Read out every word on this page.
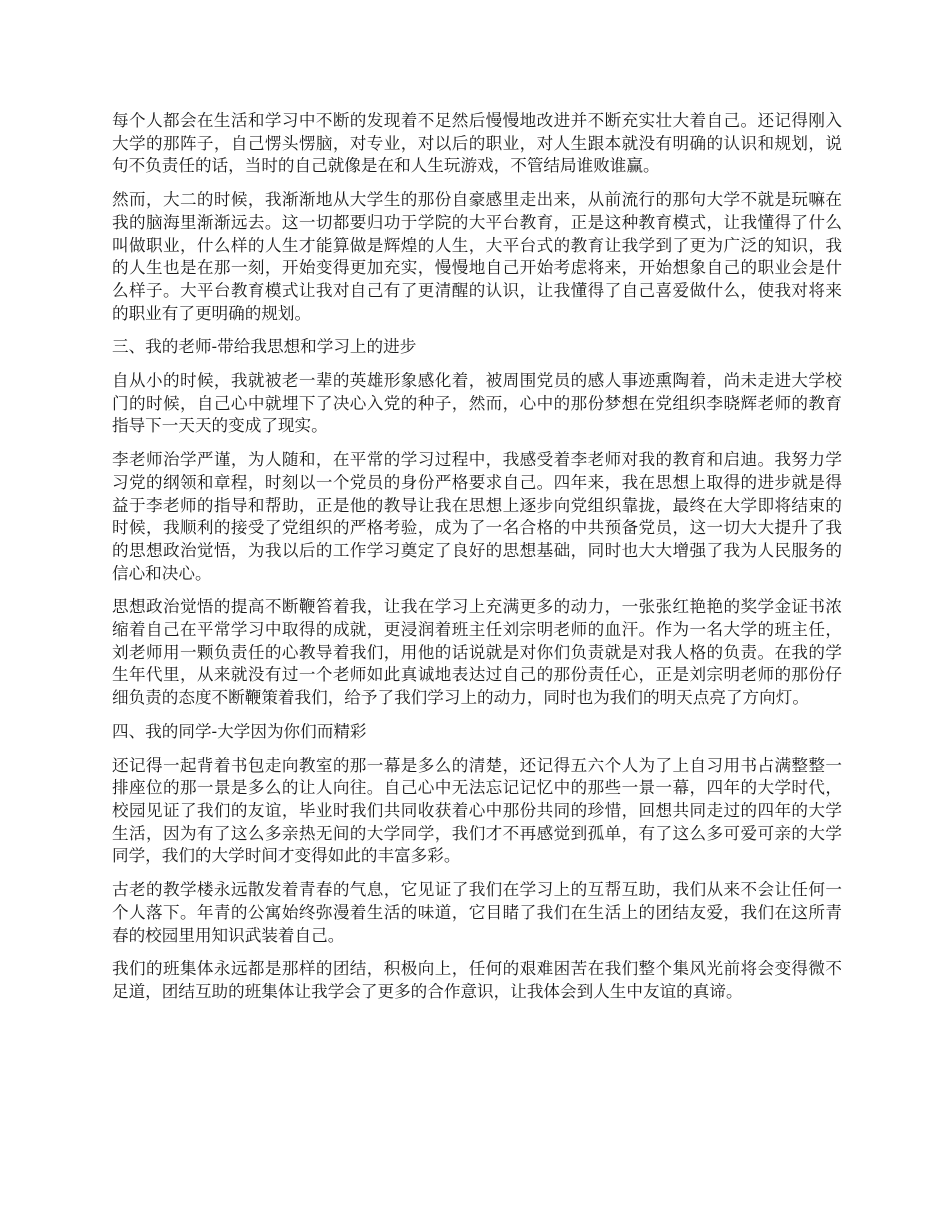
每个人都会在生活和学习中不断的发现着不足然后慢慢地改进并不断充实壮大着自己。还记得刚入大学的那阵子，自己愣头愣脑，对专业，对以后的职业，对人生跟本就没有明确的认识和规划，说句不负责任的话，当时的自己就像是在和人生玩游戏，不管结局谁败谁赢。

然而，大二的时候，我渐渐地从大学生的那份自豪感里走出来，从前流行的那句大学不就是玩嘛在我的脑海里渐渐远去。这一切都要归功于学院的大平台教育，正是这种教育模式，让我懂得了什么叫做职业，什么样的人生才能算做是辉煌的人生，大平台式的教育让我学到了更为广泛的知识，我的人生也是在那一刻，开始变得更加充实，慢慢地自己开始考虑将来，开始想象自己的职业会是什么样子。大平台教育模式让我对自己有了更清醒的认识，让我懂得了自己喜爱做什么，使我对将来的职业有了更明确的规划。

三、我的老师-带给我思想和学习上的进步

自从小的时候，我就被老一辈的英雄形象感化着，被周围党员的感人事迹熏陶着，尚未走进大学校门的时候，自己心中就埋下了决心入党的种子，然而，心中的那份梦想在党组织李晓辉老师的教育指导下一天天的变成了现实。

李老师治学严谨，为人随和，在平常的学习过程中，我感受着李老师对我的教育和启迪。我努力学习党的纲领和章程，时刻以一个党员的身份严格要求自己。四年来，我在思想上取得的进步就是得益于李老师的指导和帮助，正是他的教导让我在思想上逐步向党组织靠拢，最终在大学即将结束的时候，我顺利的接受了党组织的严格考验，成为了一名合格的中共预备党员，这一切大大提升了我的思想政治觉悟，为我以后的工作学习奠定了良好的思想基础，同时也大大增强了我为人民服务的信心和决心。

思想政治觉悟的提高不断鞭笞着我，让我在学习上充满更多的动力，一张张红艳艳的奖学金证书浓缩着自己在平常学习中取得的成就，更浸润着班主任刘宗明老师的血汗。作为一名大学的班主任，刘老师用一颗负责任的心教导着我们，用他的话说就是对你们负责就是对我人格的负责。在我的学生年代里，从来就没有过一个老师如此真诚地表达过自己的那份责任心，正是刘宗明老师的那份仔细负责的态度不断鞭策着我们，给予了我们学习上的动力，同时也为我们的明天点亮了方向灯。

四、我的同学-大学因为你们而精彩

还记得一起背着书包走向教室的那一幕是多么的清楚，还记得五六个人为了上自习用书占满整整一排座位的那一景是多么的让人向往。自己心中无法忘记记忆中的那些一景一幕，四年的大学时代，校园见证了我们的友谊，毕业时我们共同收获着心中那份共同的珍惜，回想共同走过的四年的大学生活，因为有了这么多亲热无间的大学同学，我们才不再感觉到孤单，有了这么多可爱可亲的大学同学，我们的大学时间才变得如此的丰富多彩。

古老的教学楼永远散发着青春的气息，它见证了我们在学习上的互帮互助，我们从来不会让任何一个人落下。年青的公寓始终弥漫着生活的味道，它目睹了我们在生活上的团结友爱，我们在这所青春的校园里用知识武装着自己。

我们的班集体永远都是那样的团结，积极向上，任何的艰难困苦在我们整个集风光前将会变得微不足道，团结互助的班集体让我学会了更多的合作意识，让我体会到人生中友谊的真谛。
